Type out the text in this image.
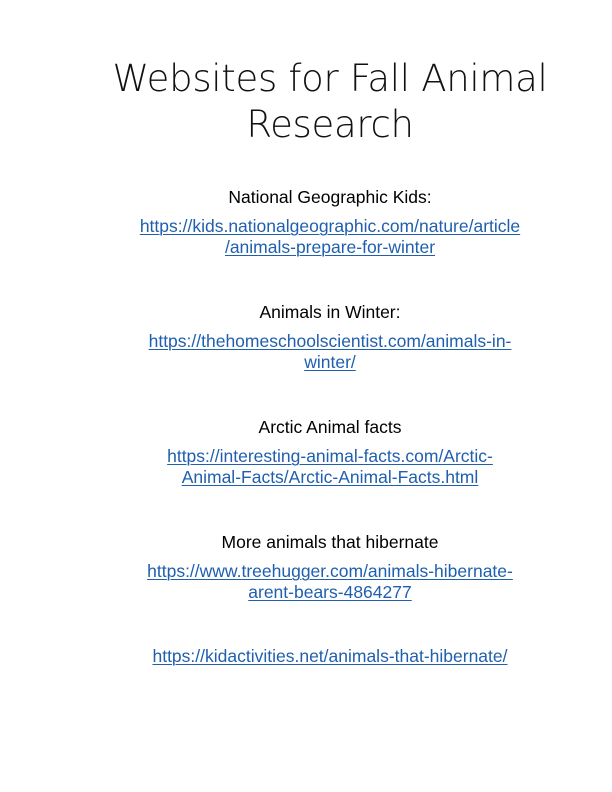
Websites for Fall Animal
Research
National Geographic Kids:
https://kids.nationalgeographic.com/nature/article
/animals-prepare-for-winter
Animals in Winter:
https://thehomeschoolscientist.com/animals-in-
winter/
Arctic Animal facts
https://interesting-animal-facts.com/Arctic-
Animal-Facts/Arctic-Animal-Facts.html
More animals that hibernate
https://www.treehugger.com/animals-hibernate-
arent-bears-4864277
https://kidactivities.net/animals-that-hibernate/
